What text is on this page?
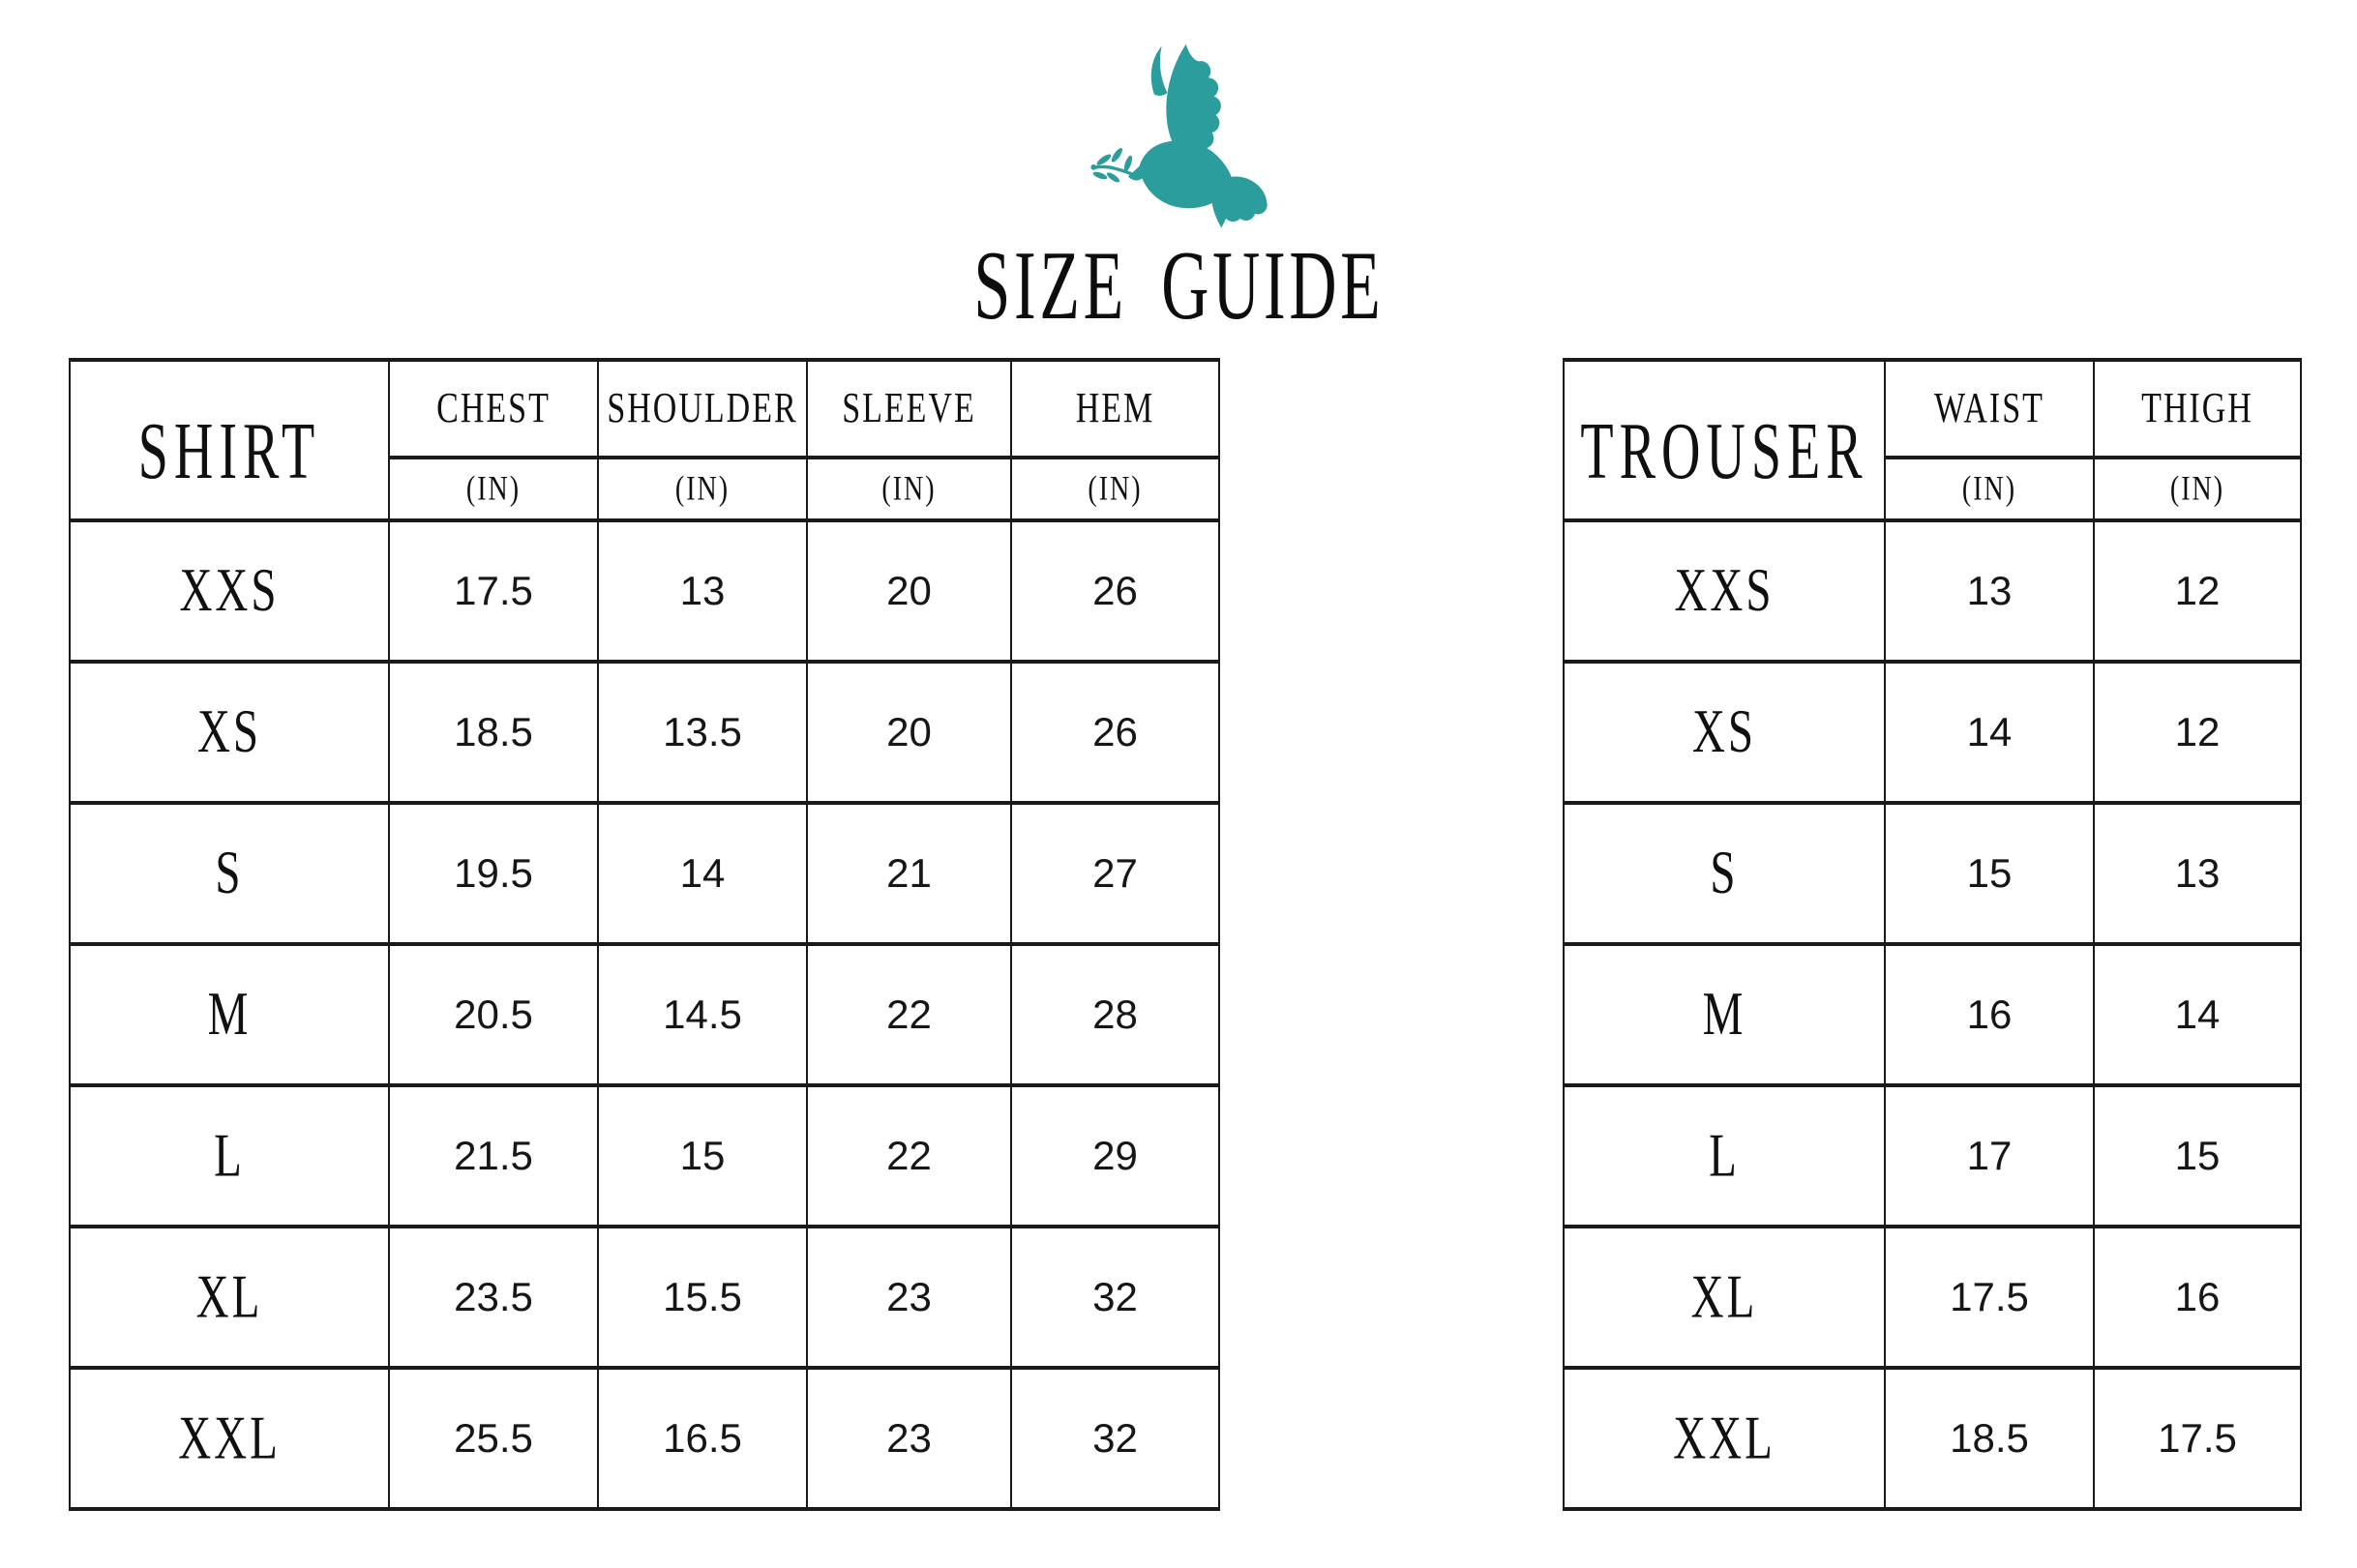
SIZE GUIDE
SHIRT	CHEST	SHOULDER	SLEEVE	HEM
	(IN)	(IN)	(IN)	(IN)
XXS	17.5	13	20	26
XS	18.5	13.5	20	26
S	19.5	14	21	27
M	20.5	14.5	22	28
L	21.5	15	22	29
XL	23.5	15.5	23	32
XXL	25.5	16.5	23	32
TROUSER	WAIST	THIGH
	(IN)	(IN)
XXS	13	12
XS	14	12
S	15	13
M	16	14
L	17	15
XL	17.5	16
XXL	18.5	17.5
